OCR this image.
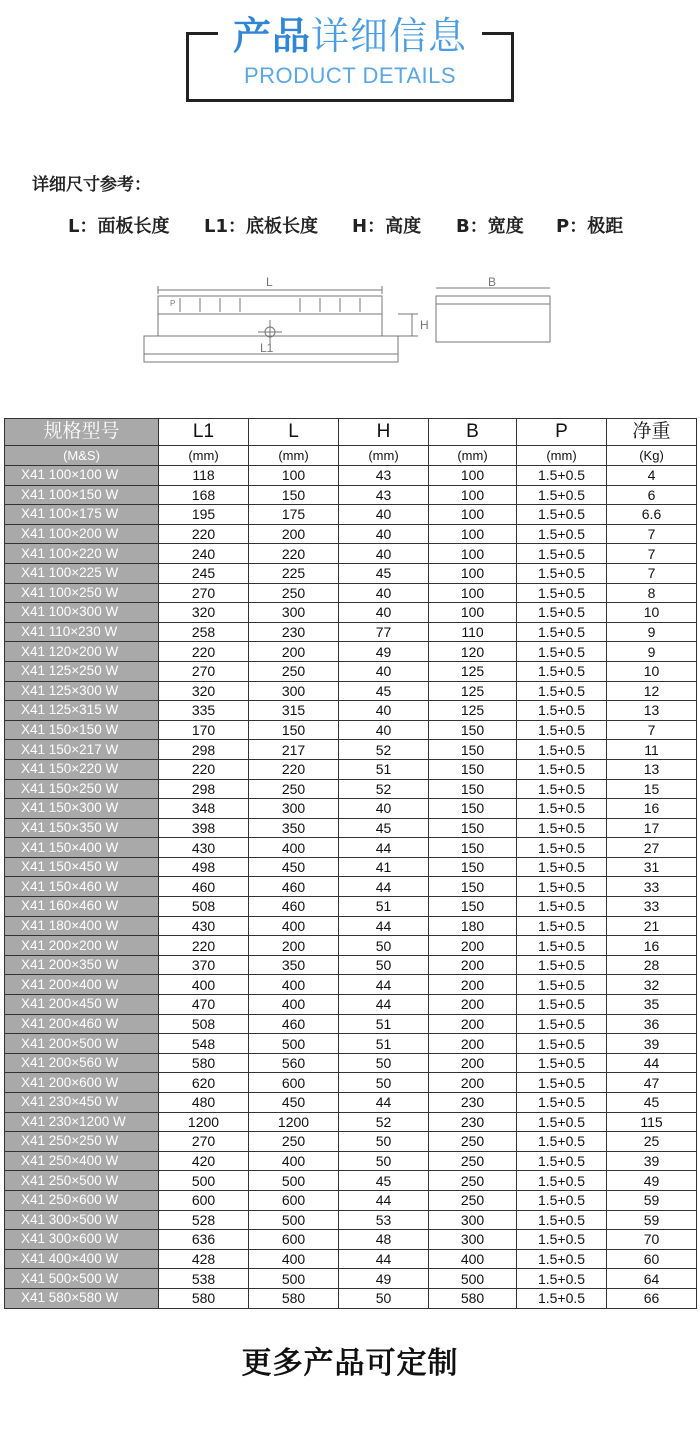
产品详细信息
PRODUCT DETAILS
详细尺寸参考：
L：面板长度 L1：底板长度 H：高度 B：宽度 P：极距
L
L1
H
B
P
规格型号	L1	L	H	B	P	净重
(M&S)	(mm)	(mm)	(mm)	(mm)	(mm)	(Kg)
X41 100×100 W	118	100	43	100	1.5+0.5	4
X41 100×150 W	168	150	43	100	1.5+0.5	6
X41 100×175 W	195	175	40	100	1.5+0.5	6.6
X41 100×200 W	220	200	40	100	1.5+0.5	7
X41 100×220 W	240	220	40	100	1.5+0.5	7
X41 100×225 W	245	225	45	100	1.5+0.5	7
X41 100×250 W	270	250	40	100	1.5+0.5	8
X41 100×300 W	320	300	40	100	1.5+0.5	10
X41 110×230 W	258	230	77	110	1.5+0.5	9
X41 120×200 W	220	200	49	120	1.5+0.5	9
X41 125×250 W	270	250	40	125	1.5+0.5	10
X41 125×300 W	320	300	45	125	1.5+0.5	12
X41 125×315 W	335	315	40	125	1.5+0.5	13
X41 150×150 W	170	150	40	150	1.5+0.5	7
X41 150×217 W	298	217	52	150	1.5+0.5	11
X41 150×220 W	220	220	51	150	1.5+0.5	13
X41 150×250 W	298	250	52	150	1.5+0.5	15
X41 150×300 W	348	300	40	150	1.5+0.5	16
X41 150×350 W	398	350	45	150	1.5+0.5	17
X41 150×400 W	430	400	44	150	1.5+0.5	27
X41 150×450 W	498	450	41	150	1.5+0.5	31
X41 150×460 W	460	460	44	150	1.5+0.5	33
X41 160×460 W	508	460	51	150	1.5+0.5	33
X41 180×400 W	430	400	44	180	1.5+0.5	21
X41 200×200 W	220	200	50	200	1.5+0.5	16
X41 200×350 W	370	350	50	200	1.5+0.5	28
X41 200×400 W	400	400	44	200	1.5+0.5	32
X41 200×450 W	470	400	44	200	1.5+0.5	35
X41 200×460 W	508	460	51	200	1.5+0.5	36
X41 200×500 W	548	500	51	200	1.5+0.5	39
X41 200×560 W	580	560	50	200	1.5+0.5	44
X41 200×600 W	620	600	50	200	1.5+0.5	47
X41 230×450 W	480	450	44	230	1.5+0.5	45
X41 230×1200 W	1200	1200	52	230	1.5+0.5	115
X41 250×250 W	270	250	50	250	1.5+0.5	25
X41 250×400 W	420	400	50	250	1.5+0.5	39
X41 250×500 W	500	500	45	250	1.5+0.5	49
X41 250×600 W	600	600	44	250	1.5+0.5	59
X41 300×500 W	528	500	53	300	1.5+0.5	59
X41 300×600 W	636	600	48	300	1.5+0.5	70
X41 400×400 W	428	400	44	400	1.5+0.5	60
X41 500×500 W	538	500	49	500	1.5+0.5	64
X41 580×580 W	580	580	50	580	1.5+0.5	66
更多产品可定制
